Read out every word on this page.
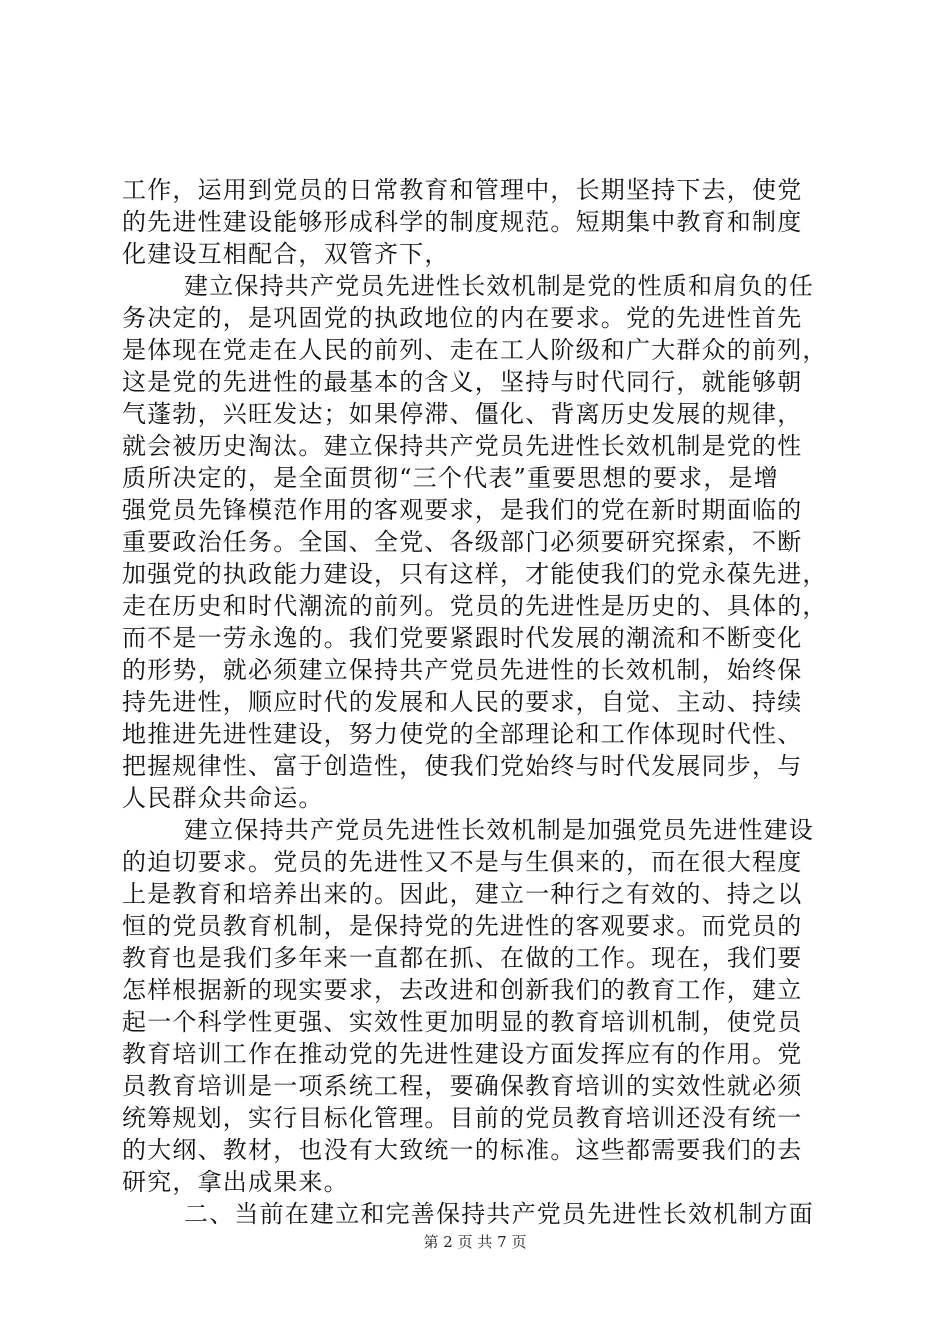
工作，运用到党员的日常教育和管理中，长期坚持下去，使党
的先进性建设能够形成科学的制度规范。短期集中教育和制度
化建设互相配合，双管齐下，
建立保持共产党员先进性长效机制是党的性质和肩负的任
务决定的，是巩固党的执政地位的内在要求。党的先进性首先
是体现在党走在人民的前列、走在工人阶级和广大群众的前列，
这是党的先进性的最基本的含义，坚持与时代同行，就能够朝
气蓬勃，兴旺发达；如果停滞、僵化、背离历史发展的规律，
就会被历史淘汰。建立保持共产党员先进性长效机制是党的性
质所决定的，是全面贯彻“三个代表”重要思想的要求，是增
强党员先锋模范作用的客观要求，是我们的党在新时期面临的
重要政治任务。全国、全党、各级部门必须要研究探索，不断
加强党的执政能力建设，只有这样，才能使我们的党永葆先进，
走在历史和时代潮流的前列。党员的先进性是历史的、具体的，
而不是一劳永逸的。我们党要紧跟时代发展的潮流和不断变化
的形势，就必须建立保持共产党员先进性的长效机制，始终保
持先进性，顺应时代的发展和人民的要求，自觉、主动、持续
地推进先进性建设，努力使党的全部理论和工作体现时代性、
把握规律性、富于创造性，使我们党始终与时代发展同步，与
人民群众共命运。
建立保持共产党员先进性长效机制是加强党员先进性建设
的迫切要求。党员的先进性又不是与生俱来的，而在很大程度
上是教育和培养出来的。因此，建立一种行之有效的、持之以
恒的党员教育机制，是保持党的先进性的客观要求。而党员的
教育也是我们多年来一直都在抓、在做的工作。现在，我们要
怎样根据新的现实要求，去改进和创新我们的教育工作，建立
起一个科学性更强、实效性更加明显的教育培训机制，使党员
教育培训工作在推动党的先进性建设方面发挥应有的作用。党
员教育培训是一项系统工程，要确保教育培训的实效性就必须
统筹规划，实行目标化管理。目前的党员教育培训还没有统一
的大纲、教材，也没有大致统一的标准。这些都需要我们的去
研究，拿出成果来。
二、当前在建立和完善保持共产党员先进性长效机制方面
第 2 页 共 7 页
